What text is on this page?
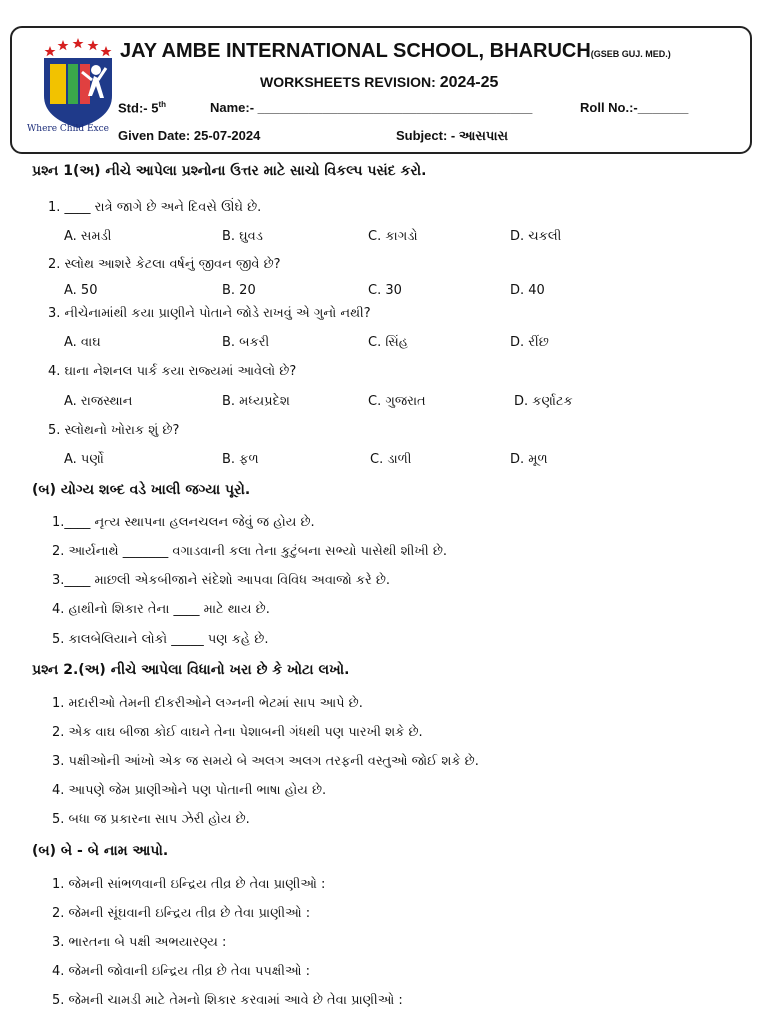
Where Child Exce
JAY AMBE INTERNATIONAL SCHOOL, BHARUCH(GSEB GUJ. MED.)
WORKSHEETS REVISION: 2024-25
Std:- 5th	Name:- ______________________________________	Roll No.:-_______
Given Date: 25-07-2024	Subject: - આસપાસ
પ્રશ્ન 1(અ) નીચે આપેલા પ્રશ્નોના ઉત્તર માટે સાચો વિકલ્પ પસંદ કરો.
1. ____ રાત્રે જાગે છે અને દિવસે ઊંઘે છે.
A. સમડી	B. ઘુવડ	C. કાગડો	D. ચકલી
2. સ્લોથ આશરે કેટલા વર્ષનું જીવન જીવે છે?
A. 50	B. 20	C. 30	D. 40
3. નીચેનામાંથી કયા પ્રાણીને પોતાને જોડે રાખવું એ ગુનો નથી?
A. વાઘ	B. બકરી	C. સિંહ	D. રીંછ
4. ઘાના નેશનલ પાર્ક કયા રાજ્યમાં આવેલો છે?
A. રાજસ્થાન	B. મધ્યપ્રદેશ	C. ગુજરાત	D. કર્ણાટક
5. સ્લોથનો ખોરાક શું છે?
A. પર્ણો	B. ફળ	C. ડાળી	D. મૂળ
(બ) યોગ્ય શબ્દ વડે ખાલી જગ્યા પૂરો.
1.____ નૃત્ય સ્થાપના હલનચલન જેવું જ હોય છે.
2. આર્યનાથે _______ વગાડવાની કલા તેના કુટુંબના સભ્યો પાસેથી શીખી છે.
3.____ માછલી એકબીજાને સંદેશો આપવા વિવિધ અવાજો કરે છે.
4. હાથીનો શિકાર તેના ____ માટે થાય છે.
5. કાલબેલિયાને લોકો _____ પણ કહે છે.
પ્રશ્ન 2.(અ) નીચે આપેલા વિધાનો ખરા છે કે ખોટા લખો.
1. મદારીઓ તેમની દીકરીઓને લગ્નની ભેટમાં સાપ આપે છે.
2. એક વાઘ બીજા કોઈ વાઘને તેના પેશાબની ગંધથી પણ પારખી શકે છે.
3. પક્ષીઓની આંખો એક જ સમયે બે અલગ અલગ તરફની વસ્તુઓ જોઈ શકે છે.
4. આપણે જેમ પ્રાણીઓને પણ પોતાની ભાષા હોય છે.
5. બધા જ પ્રકારના સાપ ઝેરી હોય છે.
(બ) બે - બે નામ આપો.
1. જેમની સાંભળવાની ઇન્દ્રિય તીવ્ર છે તેવા પ્રાણીઓ :
2. જેમની સૂંઘવાની ઇન્દ્રિય તીવ્ર છે તેવા પ્રાણીઓ :
3. ભારતના બે પક્ષી અભયારણ્ય :
4. જેમની જોવાની ઇન્દ્રિય તીવ્ર છે તેવા પપક્ષીઓ :
5. જેમની ચામડી માટે તેમનો શિકાર કરવામાં આવે છે તેવા પ્રાણીઓ :
